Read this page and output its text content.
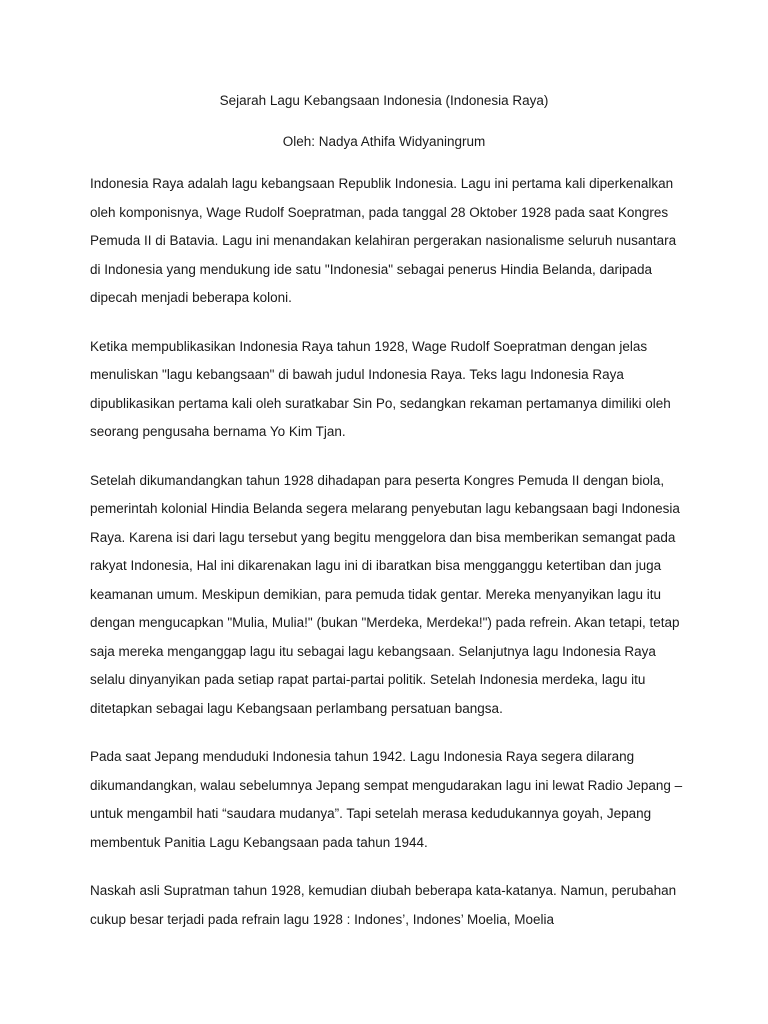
Sejarah Lagu Kebangsaan Indonesia (Indonesia Raya)

Oleh: Nadya Athifa Widyaningrum

Indonesia Raya adalah lagu kebangsaan Republik Indonesia. Lagu ini pertama kali diperkenalkan oleh komponisnya, Wage Rudolf Soepratman, pada tanggal 28 Oktober 1928 pada saat Kongres Pemuda II di Batavia. Lagu ini menandakan kelahiran pergerakan nasionalisme seluruh nusantara di Indonesia yang mendukung ide satu "Indonesia" sebagai penerus Hindia Belanda, daripada dipecah menjadi beberapa koloni.

Ketika mempublikasikan Indonesia Raya tahun 1928, Wage Rudolf Soepratman dengan jelas menuliskan "lagu kebangsaan" di bawah judul Indonesia Raya. Teks lagu Indonesia Raya dipublikasikan pertama kali oleh suratkabar Sin Po, sedangkan rekaman pertamanya dimiliki oleh seorang pengusaha bernama Yo Kim Tjan.

Setelah dikumandangkan tahun 1928 dihadapan para peserta Kongres Pemuda II dengan biola, pemerintah kolonial Hindia Belanda segera melarang penyebutan lagu kebangsaan bagi Indonesia Raya. Karena isi dari lagu tersebut yang begitu menggelora dan bisa memberikan semangat pada rakyat Indonesia, Hal ini dikarenakan lagu ini di ibaratkan bisa mengganggu ketertiban dan juga keamanan umum. Meskipun demikian, para pemuda tidak gentar. Mereka menyanyikan lagu itu dengan mengucapkan "Mulia, Mulia!" (bukan "Merdeka, Merdeka!") pada refrein. Akan tetapi, tetap saja mereka menganggap lagu itu sebagai lagu kebangsaan. Selanjutnya lagu Indonesia Raya selalu dinyanyikan pada setiap rapat partai-partai politik. Setelah Indonesia merdeka, lagu itu ditetapkan sebagai lagu Kebangsaan perlambang persatuan bangsa.

Pada saat Jepang menduduki Indonesia tahun 1942. Lagu Indonesia Raya segera dilarang dikumandangkan, walau sebelumnya Jepang sempat mengudarakan lagu ini lewat Radio Jepang – untuk mengambil hati “saudara mudanya”. Tapi setelah merasa kedudukannya goyah, Jepang membentuk Panitia Lagu Kebangsaan pada tahun 1944.

Naskah asli Supratman tahun 1928, kemudian diubah beberapa kata-katanya. Namun, perubahan cukup besar terjadi pada refrain lagu 1928 : Indones’, Indones’ Moelia, Moelia
